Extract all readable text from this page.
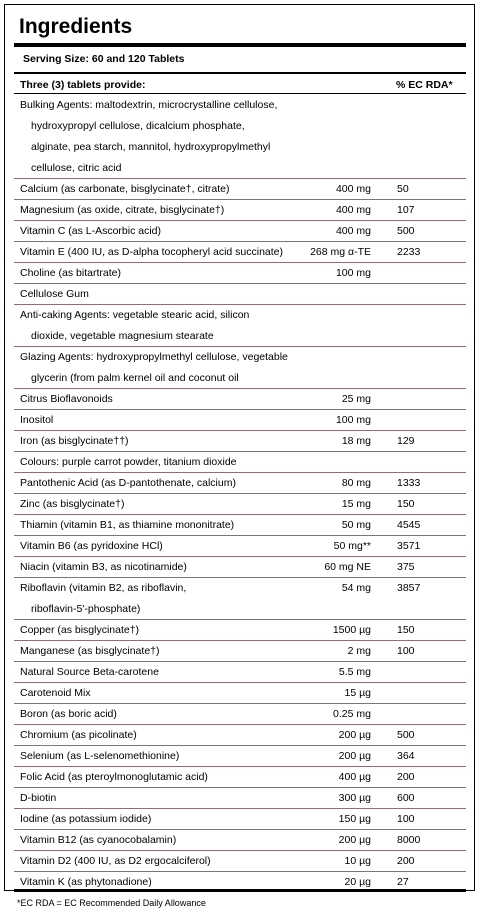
Ingredients
Serving Size: 60 and 120 Tablets
Three (3) tablets provide:	% EC RDA*
Bulking Agents: maltodextrin, microcrystalline cellulose,
hydroxypropyl cellulose, dicalcium phosphate,
alginate, pea starch, mannitol, hydroxypropylmethyl
cellulose, citric acid
Calcium (as carbonate, bisglycinate†, citrate)	400 mg 50
Magnesium (as oxide, citrate, bisglycinate†)	400 mg 107
Vitamin C (as L-Ascorbic acid)	400 mg 500
Vitamin E (400 IU, as D-alpha tocopheryl acid succinate)	268 mg α-TE 2233
Choline (as bitartrate)	100 mg
Cellulose Gum
Anti-caking Agents: vegetable stearic acid, silicon
dioxide, vegetable magnesium stearate
Glazing Agents: hydroxypropylmethyl cellulose, vegetable
glycerin (from palm kernel oil and coconut oil
Citrus Bioflavonoids	25 mg
Inositol	100 mg
Iron (as bisglycinate††)	18 mg 129
Colours: purple carrot powder, titanium dioxide
Pantothenic Acid (as D-pantothenate, calcium)	80 mg 1333
Zinc (as bisglycinate†)	15 mg 150
Thiamin (vitamin B1, as thiamine mononitrate)	50 mg 4545
Vitamin B6 (as pyridoxine HCl)	50 mg** 3571
Niacin (vitamin B3, as nicotinamide)	60 mg NE 375
Riboflavin (vitamin B2, as riboflavin,	54 mg 3857
riboflavin-5'-phosphate)
Copper (as bisglycinate†)	1500 µg 150
Manganese (as bisglycinate†)	2 mg 100
Natural Source Beta-carotene	5.5 mg
Carotenoid Mix	15 µg
Boron (as boric acid)	0.25 mg
Chromium (as picolinate)	200 µg 500
Selenium (as L-selenomethionine)	200 µg 364
Folic Acid (as pteroylmonoglutamic acid)	400 µg 200
D-biotin	300 µg 600
Iodine (as potassium iodide)	150 µg 100
Vitamin B12 (as cyanocobalamin)	200 µg 8000
Vitamin D2 (400 IU, as D2 ergocalciferol)	10 µg 200
Vitamin K (as phytonadione)	20 µg 27
*EC RDA = EC Recommended Daily Allowance
